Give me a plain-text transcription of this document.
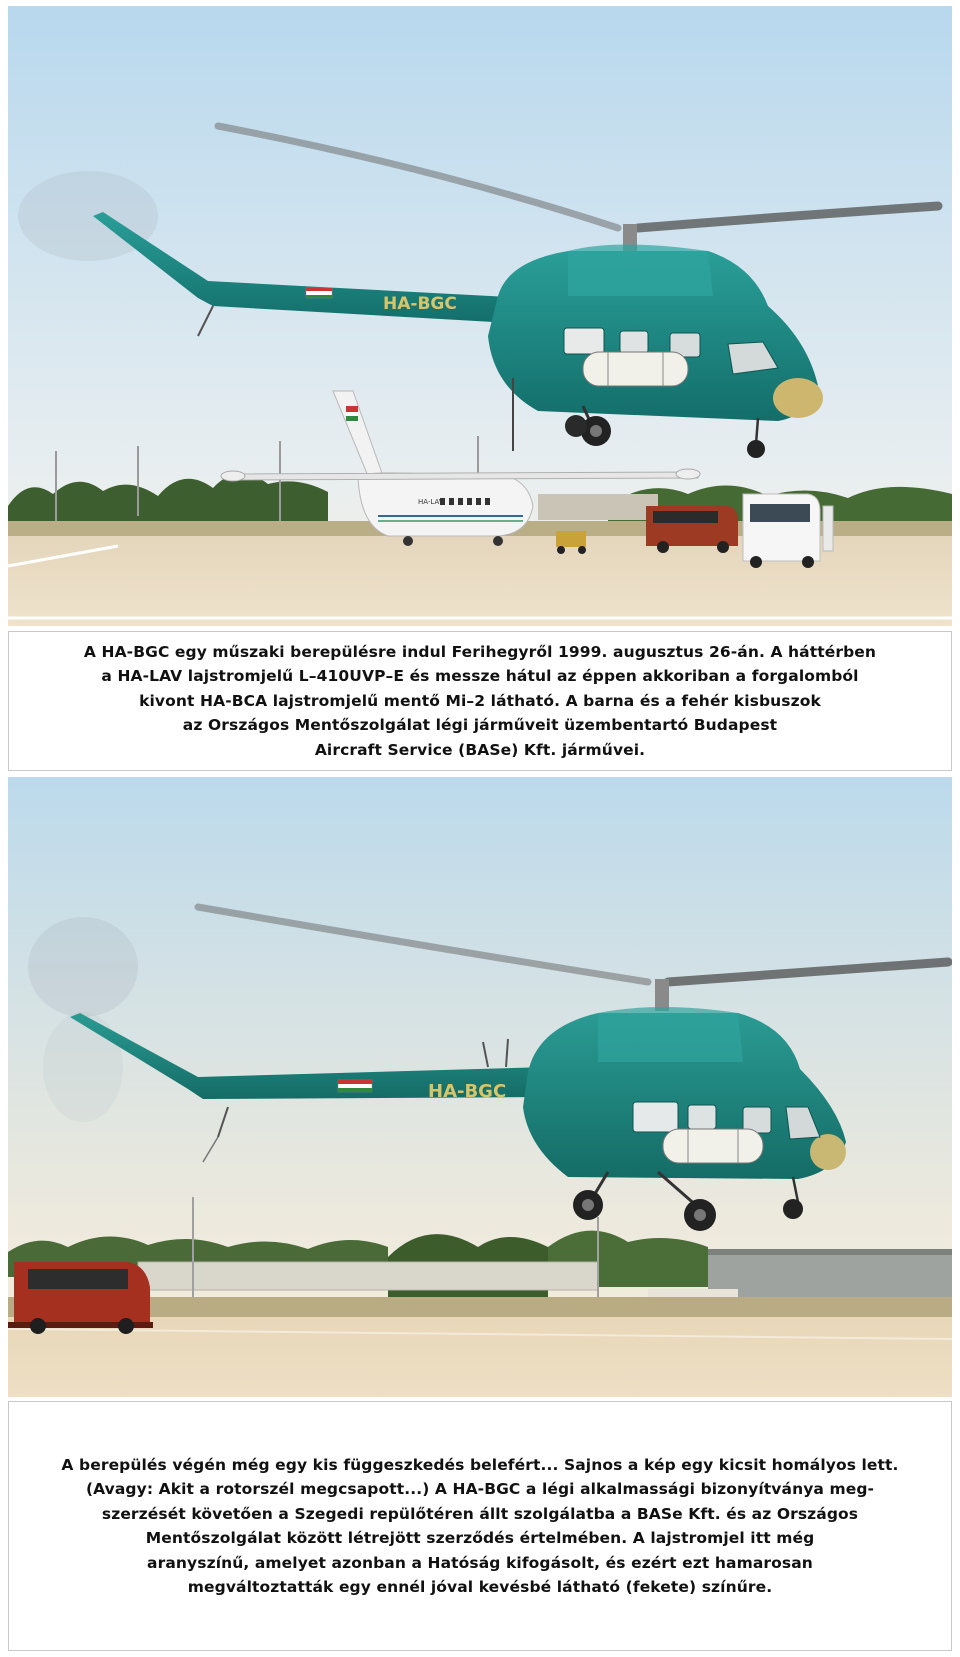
HA-LAV
HA-BGC
A HA-BGC egy műszaki berepülésre indul Ferihegyről 1999. augusztus 26-án. A háttérben
a HA-LAV lajstromjelű L–410UVP–E és messze hátul az éppen akkoriban a forgalomból
kivont HA-BCA lajstromjelű mentő Mi–2 látható. A barna és a fehér kisbuszok
az Országos Mentőszolgálat légi járműveit üzembentartó Budapest
Aircraft Service (BASe) Kft. járművei.
HA-BGC
A berepülés végén még egy kis függeszkedés belefért... Sajnos a kép egy kicsit homályos lett.
(Avagy: Akit a rotorszél megcsapott...) A HA-BGC a légi alkalmassági bizonyítványa meg-
szerzését követően a Szegedi repülőtéren állt szolgálatba a BASe Kft. és az Országos
Mentőszolgálat között létrejött szerződés értelmében. A lajstromjel itt még
aranyszínű, amelyet azonban a Hatóság kifogásolt, és ezért ezt hamarosan
megváltoztatták egy ennél jóval kevésbé látható (fekete) színűre.
